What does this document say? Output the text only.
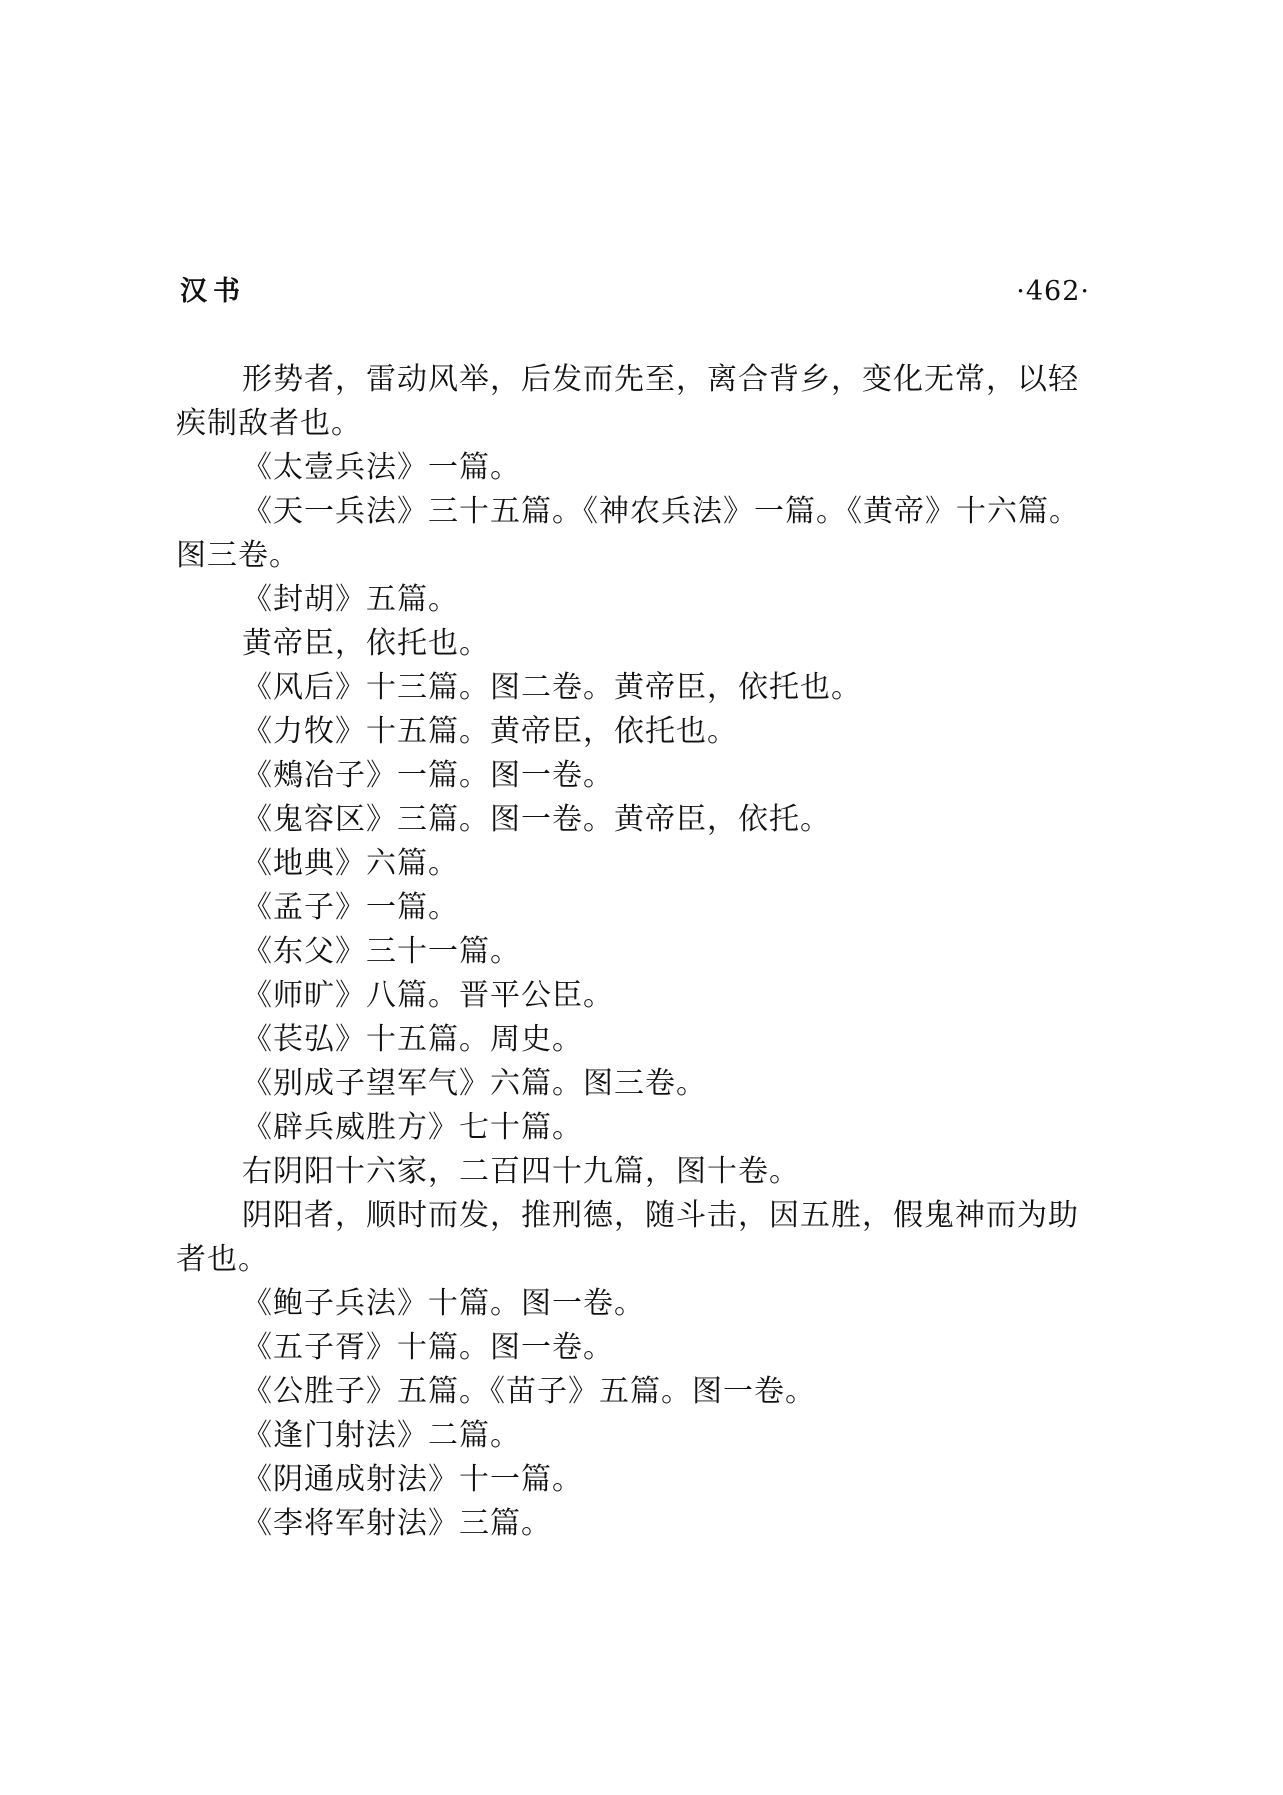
汉书	·462·

形势者，雷动风举，后发而先至，离合背乡，变化无常，以轻疾制敌者也。

《太壹兵法》一篇。

《天一兵法》三十五篇。《神农兵法》一篇。《黄帝》十六篇。图三卷。

《封胡》五篇。

黄帝臣，依托也。

《风后》十三篇。图二卷。黄帝臣，依托也。

《力牧》十五篇。黄帝臣，依托也。

《鵊冶子》一篇。图一卷。

《鬼容区》三篇。图一卷。黄帝臣，依托。

《地典》六篇。

《孟子》一篇。

《东父》三十一篇。

《师旷》八篇。晋平公臣。

《苌弘》十五篇。周史。

《别成子望军气》六篇。图三卷。

《辟兵威胜方》七十篇。

右阴阳十六家，二百四十九篇，图十卷。

阴阳者，顺时而发，推刑德，随斗击，因五胜，假鬼神而为助者也。

《鲍子兵法》十篇。图一卷。

《五子胥》十篇。图一卷。

《公胜子》五篇。《苗子》五篇。图一卷。

《逢门射法》二篇。

《阴通成射法》十一篇。

《李将军射法》三篇。
